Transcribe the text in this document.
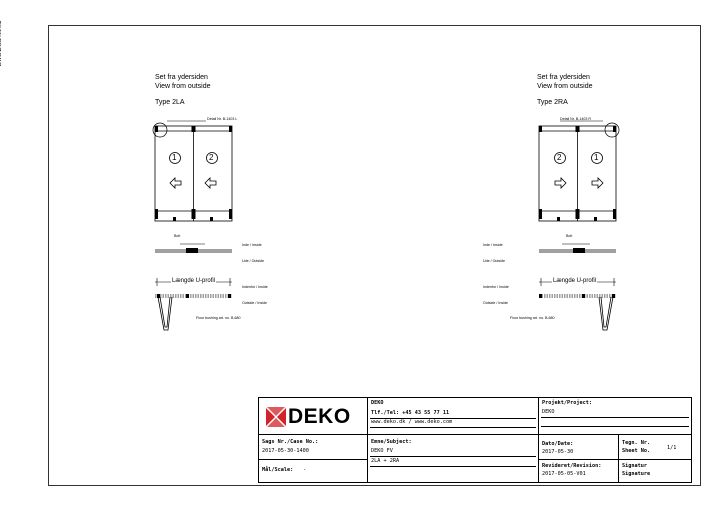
Set fra ydersiden
View from outside
Type 2LA
Detail Nr. B-1403 L
1	2
Bolt
Inde / Inside
Ude / Outside
Længde U-profil
Indenfor / Inside
Outside / Inside
Floor bushing art. no. B-680
Set fra ydersiden
View from outside
Type 2RA
Detail Nr. B-1403 R
2	1
Bolt
Inde / Inside
Ude / Outside
Længde U-profil
Indenfor / Inside
Outside / Inside
Floor bushing art. no. B-680
DEKO
DEKO
Tlf./Tel: +45 43 55 77 11
www.deko.dk / www.deko.com
Projekt/Project:
DEKO
Sags Nr./Case No.:
2017-05-30-1400
Emne/Subject:
DEKO FV
2LA + 2RA
Dato/Date:
2017-05-30
Tegn. Nr.
Sheet No.	1/1
Mål/Scale: -
Revideret/Revision:
2017-05-05-V01
Signatur
Signature
